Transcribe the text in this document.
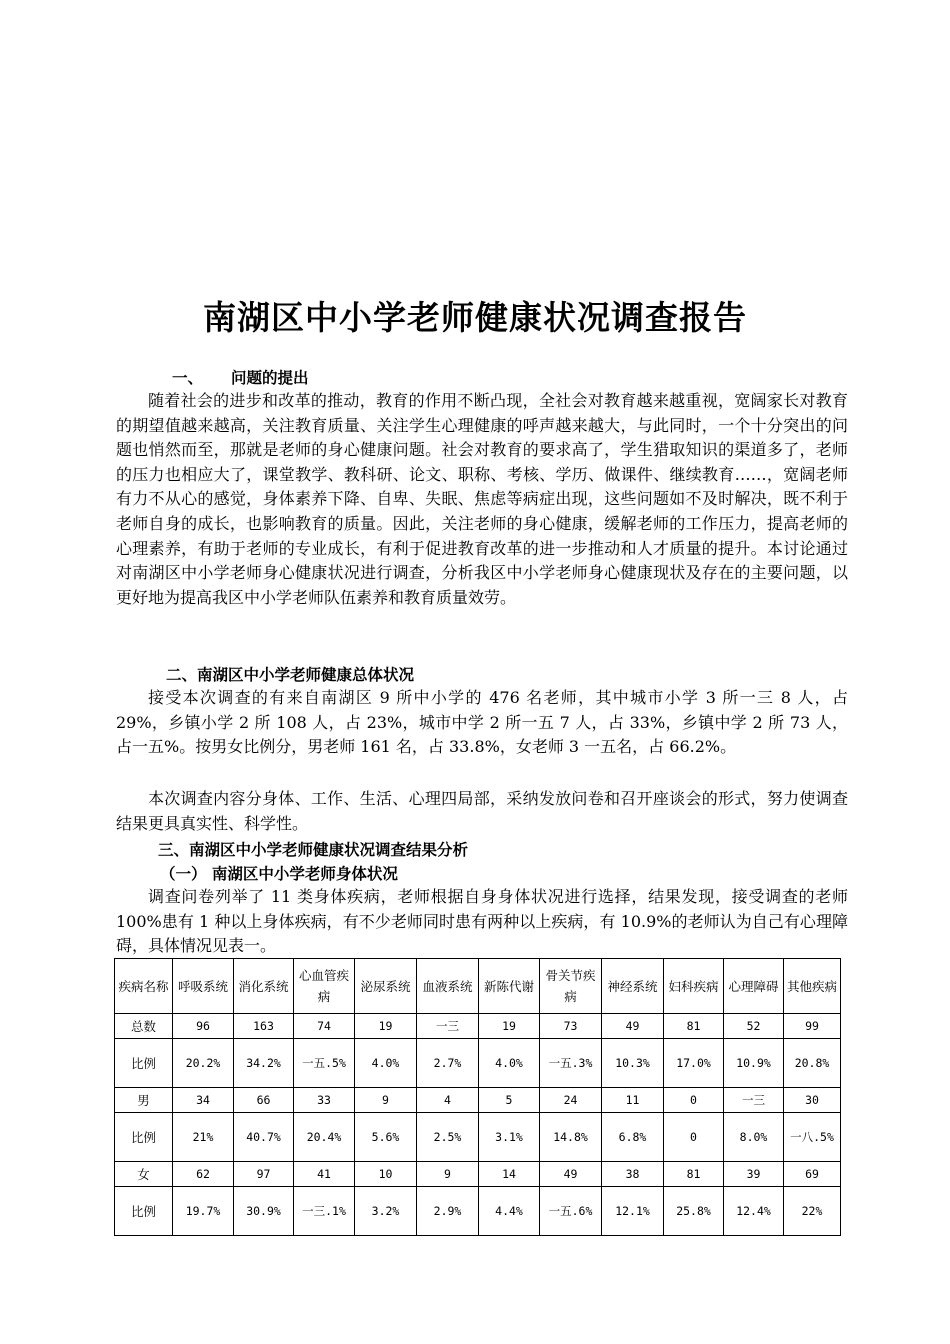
南湖区中小学老师健康状况调查报告
一、 问题的提出
随着社会的进步和改革的推动，教育的作用不断凸现，全社会对教育越来越重视，宽阔家长对教育的期望值越来越高，关注教育质量、关注学生心理健康的呼声越来越大，与此同时，一个十分突出的问题也悄然而至，那就是老师的身心健康问题。社会对教育的要求高了，学生猎取知识的渠道多了，老师的压力也相应大了，课堂教学、教科研、论文、职称、考核、学历、做课件、继续教育……，宽阔老师有力不从心的感觉，身体素养下降、自卑、失眠、焦虑等病症出现，这些问题如不及时解决，既不利于老师自身的成长，也影响教育的质量。因此，关注老师的身心健康，缓解老师的工作压力，提高老师的心理素养，有助于老师的专业成长，有利于促进教育改革的进一步推动和人才质量的提升。本讨论通过对南湖区中小学老师身心健康状况进行调查，分析我区中小学老师身心健康现状及存在的主要问题，以更好地为提高我区中小学老师队伍素养和教育质量效劳。
二、南湖区中小学老师健康总体状况
接受本次调查的有来自南湖区 9 所中小学的 476 名老师，其中城市小学 3 所一三 8 人，占 29%，乡镇小学 2 所 108 人，占 23%，城市中学 2 所一五 7 人，占 33%，乡镇中学 2 所 73 人，占一五%。按男女比例分，男老师 161 名，占 33.8%，女老师 3 一五名，占 66.2%。
本次调查内容分身体、工作、生活、心理四局部，采纳发放问卷和召开座谈会的形式，努力使调查结果更具真实性、科学性。
三、南湖区中小学老师健康状况调查结果分析
（一） 南湖区中小学老师身体状况
调查问卷列举了 11 类身体疾病，老师根据自身身体状况进行选择，结果发现，接受调查的老师 100%患有 1 种以上身体疾病，有不少老师同时患有两种以上疾病，有 10.9%的老师认为自己有心理障碍，具体情况见表一。
疾病名称	呼吸系统	消化系统	心血管疾病	泌尿系统	血液系统	新陈代谢	骨关节疾病	神经系统	妇科疾病	心理障碍	其他疾病
总数	96	163	74	19	一三	19	73	49	81	52	99
比例	20.2%	34.2%	一五.5%	4.0%	2.7%	4.0%	一五.3%	10.3%	17.0%	10.9%	20.8%
男	34	66	33	9	4	5	24	11	0	一三	30
比例	21%	40.7%	20.4%	5.6%	2.5%	3.1%	14.8%	6.8%	0	8.0%	一八.5%
女	62	97	41	10	9	14	49	38	81	39	69
比例	19.7%	30.9%	一三.1%	3.2%	2.9%	4.4%	一五.6%	12.1%	25.8%	12.4%	22%
